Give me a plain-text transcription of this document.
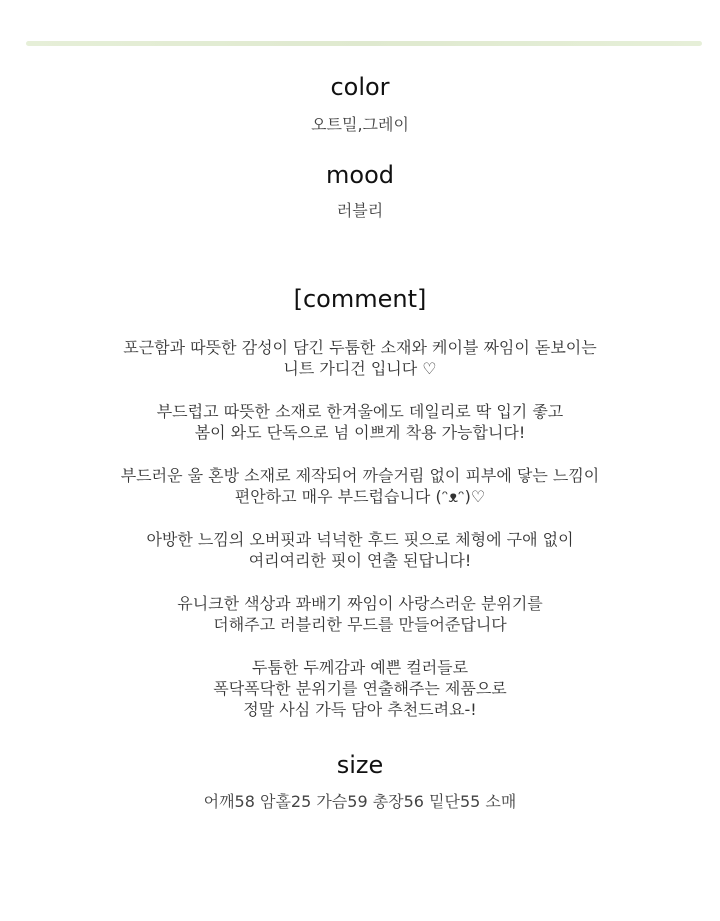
color

오트밀,그레이

mood

러블리

[comment]

포근함과 따뜻한 감성이 담긴 두툼한 소재와 케이블 짜임이 돋보이는
니트 가디건 입니다 ♡
부드럽고 따뜻한 소재로 한겨울에도 데일리로 딱 입기 좋고
봄이 와도 단독으로 넘 이쁘게 착용 가능합니다!
부드러운 울 혼방 소재로 제작되어 까슬거림 없이 피부에 닿는 느낌이
편안하고 매우 부드럽습니다 (ᵔᴥᵔ)♡
아방한 느낌의 오버핏과 넉넉한 후드 핏으로 체형에 구애 없이
여리여리한 핏이 연출 된답니다!
유니크한 색상과 꽈배기 짜임이 사랑스러운 분위기를
더해주고 러블리한 무드를 만들어준답니다
두툼한 두께감과 예쁜 컬러들로
폭닥폭닥한 분위기를 연출해주는 제품으로
정말 사심 가득 담아 추천드려요-!

size

어깨58 암홀25 가슴59 총장56 밑단55 소매
